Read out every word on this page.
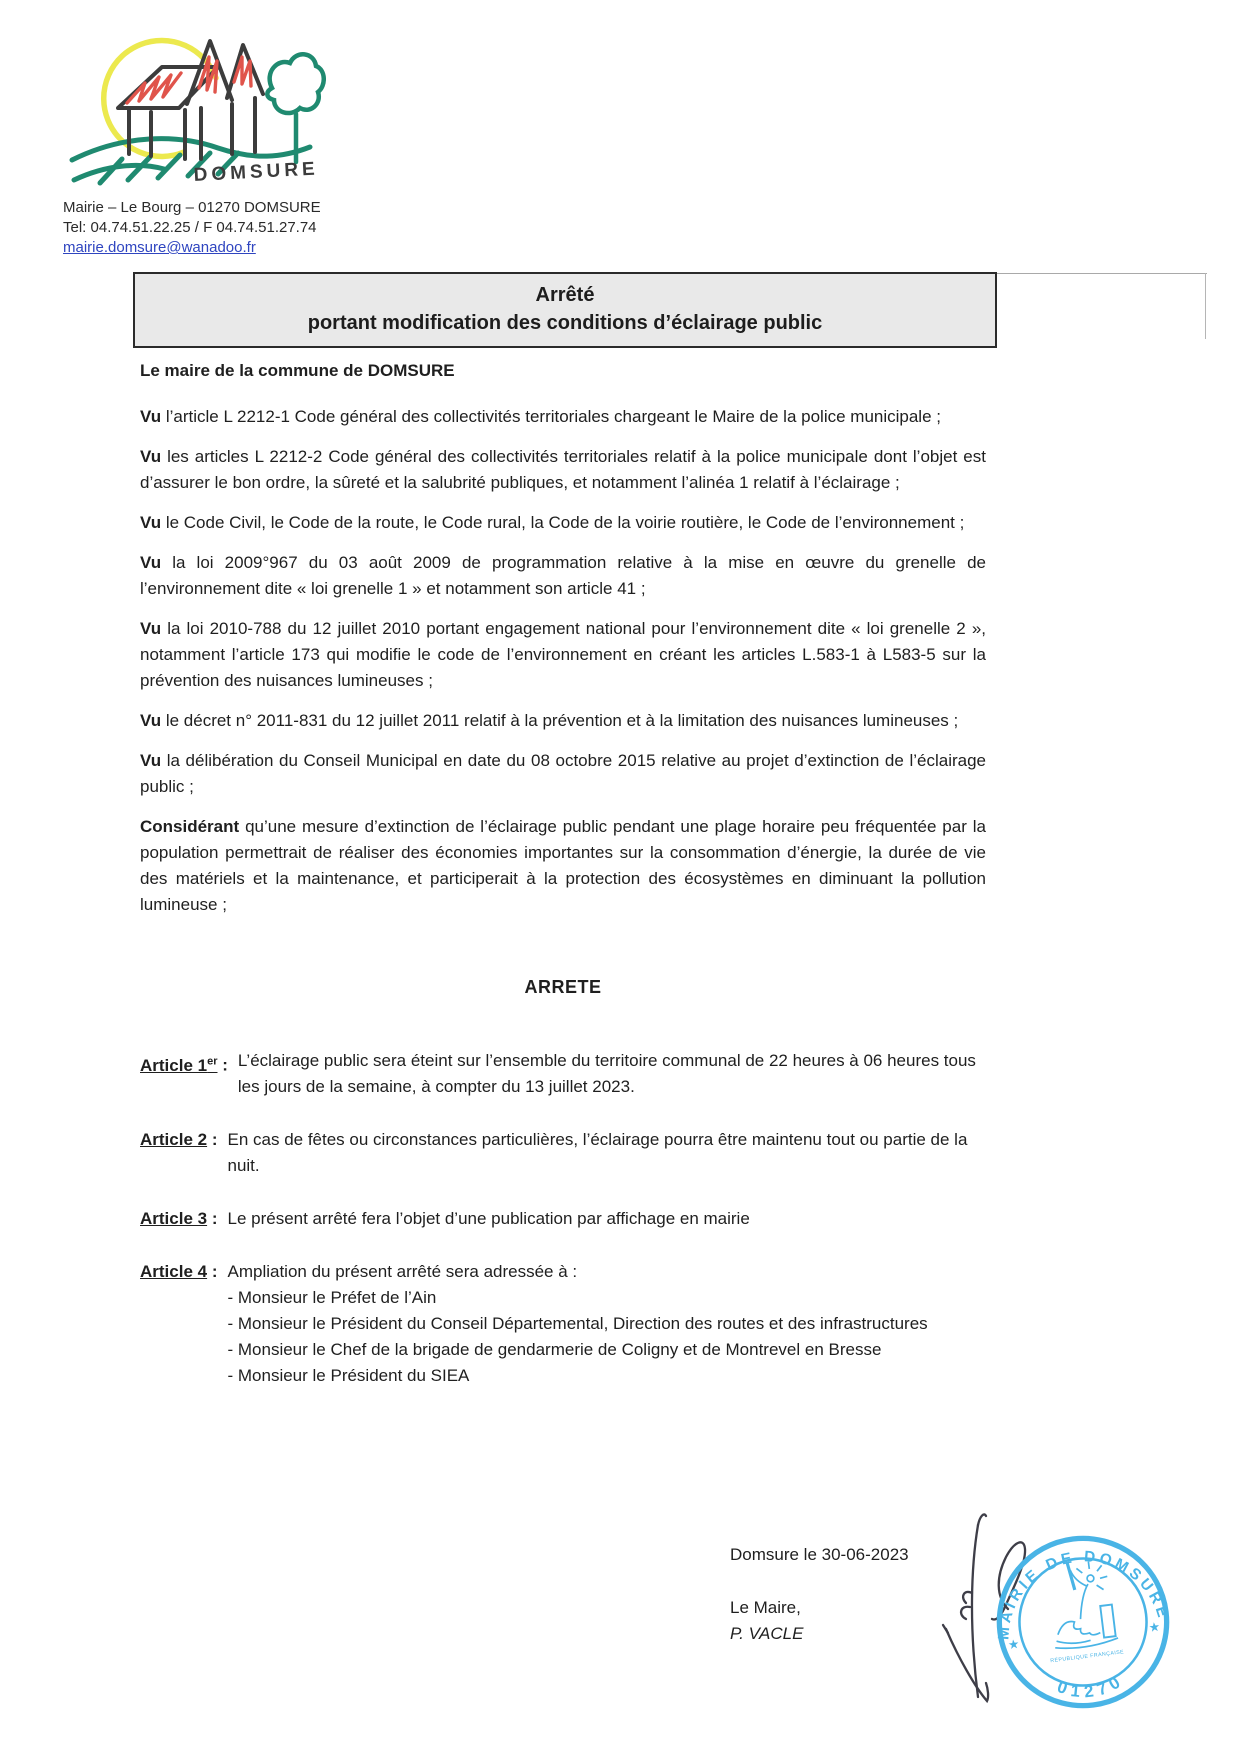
DOMSURE
Mairie – Le Bourg – 01270 DOMSURE
Tel: 04.74.51.22.25 / F 04.74.51.27.74
mairie.domsure@wanadoo.fr
Arrêté
portant modification des conditions d’éclairage public
Le maire de la commune de DOMSURE

Vu l’article L 2212-1 Code général des collectivités territoriales chargeant le Maire de la police municipale ;

Vu les articles L 2212-2 Code général des collectivités territoriales relatif à la police municipale dont l’objet est d’assurer le bon ordre, la sûreté et la salubrité publiques, et notamment l’alinéa 1 relatif à l’éclairage ;

Vu le Code Civil, le Code de la route, le Code rural, la Code de la voirie routière, le Code de l’environnement ;

Vu la loi 2009°967 du 03 août 2009 de programmation relative à la mise en œuvre du grenelle de l’environnement dite « loi grenelle 1 » et notamment son article 41 ;

Vu la loi 2010-788 du 12 juillet 2010 portant engagement national pour l’environnement dite « loi grenelle 2 », notamment l’article 173 qui modifie le code de l’environnement en créant les articles L.583-1 à L583-5 sur la prévention des nuisances lumineuses ;

Vu le décret n° 2011-831 du 12 juillet 2011 relatif à la prévention et à la limitation des nuisances lumineuses ;

Vu la délibération du Conseil Municipal en date du 08 octobre 2015 relative au projet d’extinction de l’éclairage public ;

Considérant qu’une mesure d’extinction de l’éclairage public pendant une plage horaire peu fréquentée par la population permettrait de réaliser des économies importantes sur la consommation d’énergie, la durée de vie des matériels et la maintenance, et participerait à la protection des écosystèmes en diminuant la pollution lumineuse ;

ARRETE
Article 1er : L’éclairage public sera éteint sur l’ensemble du territoire communal de 22 heures à 06 heures tous les jours de la semaine, à compter du 13 juillet 2023.
Article 2 : En cas de fêtes ou circonstances particulières, l’éclairage pourra être maintenu tout ou partie de la nuit.
Article 3 : Le présent arrêté fera l’objet d’une publication par affichage en mairie
Article 4 : Ampliation du présent arrêté sera adressée à :
- Monsieur le Préfet de l’Ain
- Monsieur le Président du Conseil Départemental, Direction des routes et des infrastructures
- Monsieur le Chef de la brigade de gendarmerie de Coligny et de Montrevel en Bresse
- Monsieur le Président du SIEA
Domsure le 30-06-2023
Le Maire,
P. VACLE	MAIRIE DE DOMSURE
01270
★
★
RÉPUBLIQUE FRANÇAISE
